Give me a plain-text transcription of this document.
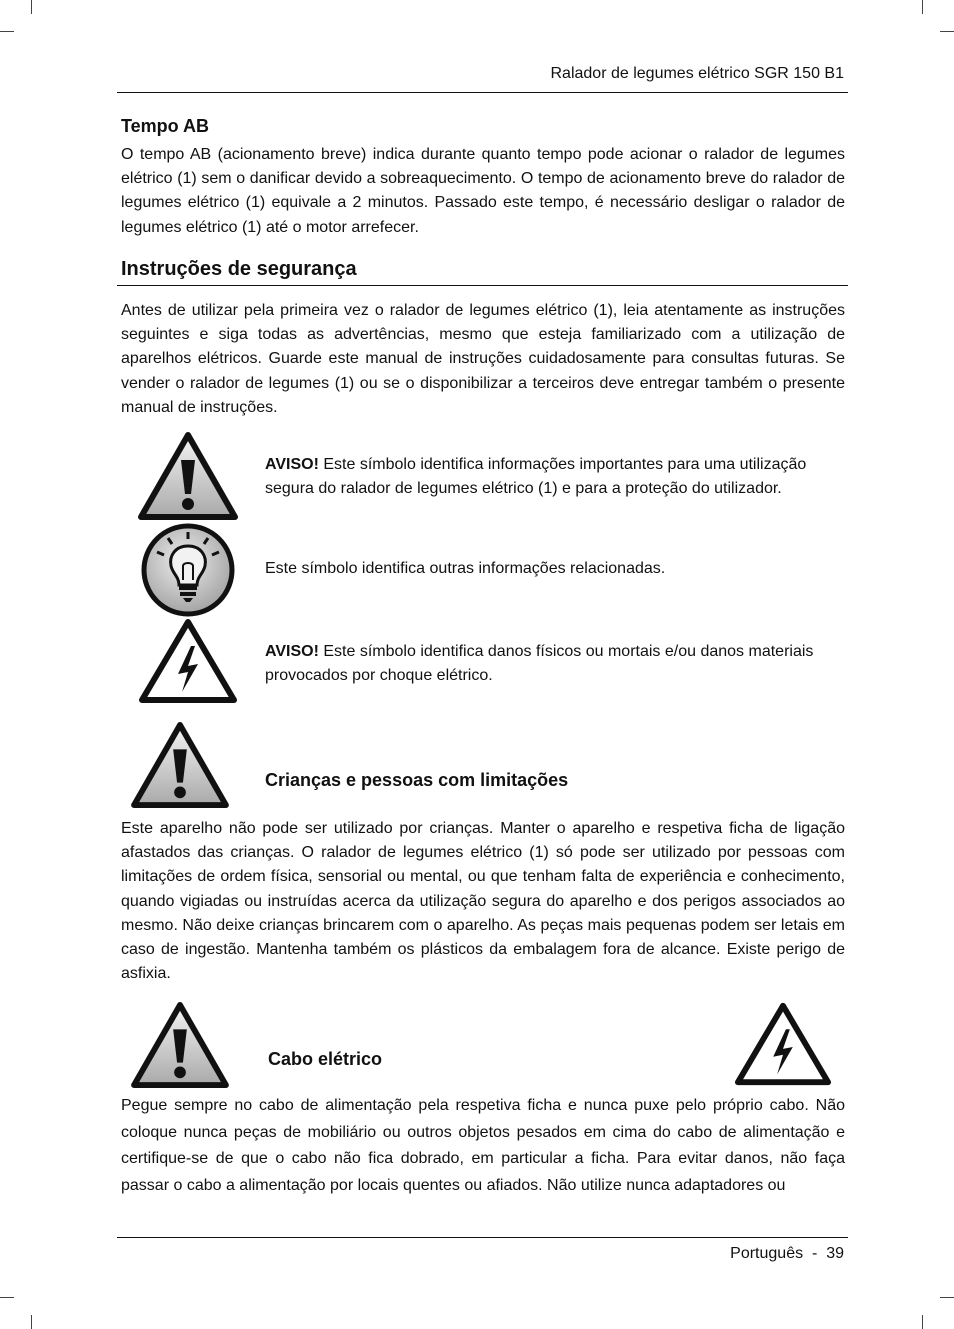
Ralador de legumes elétrico SGR 150 B1
Tempo AB

O tempo AB (acionamento breve) indica durante quanto tempo pode acionar o ralador de legumes elétrico (1) sem o danificar devido a sobreaquecimento. O tempo de acionamento breve do ralador de legumes elétrico (1) equivale a 2 minutos. Passado este tempo, é necessário desligar o ralador de legumes elétrico (1) até o motor arrefecer.

Instruções de segurança

Antes de utilizar pela primeira vez o ralador de legumes elétrico (1), leia atentamente as instruções seguintes e siga todas as advertências, mesmo que esteja familiarizado com a utilização de aparelhos elétricos. Guarde este manual de instruções cuidadosamente para consultas futuras. Se vender o ralador de legumes (1) ou se o disponibilizar a terceiros deve entregar também o presente manual de instruções.

AVISO! Este símbolo identifica informações importantes para uma utilização segura do ralador de legumes elétrico (1) e para a proteção do utilizador.

Este símbolo identifica outras informações relacionadas.

AVISO! Este símbolo identifica danos físicos ou mortais e/ou danos materiais provocados por choque elétrico.

Crianças e pessoas com limitações

Este aparelho não pode ser utilizado por crianças. Manter o aparelho e respetiva ficha de ligação afastados das crianças. O ralador de legumes elétrico (1) só pode ser utilizado por pessoas com limitações de ordem física, sensorial ou mental, ou que tenham falta de experiência e conhecimento, quando vigiadas ou instruídas acerca da utilização segura do aparelho e dos perigos associados ao mesmo. Não deixe crianças brincarem com o aparelho. As peças mais pequenas podem ser letais em caso de ingestão. Mantenha também os plásticos da embalagem fora de alcance. Existe perigo de asfixia.

Cabo elétrico

Pegue sempre no cabo de alimentação pela respetiva ficha e nunca puxe pelo próprio cabo. Não coloque nunca peças de mobiliário ou outros objetos pesados em cima do cabo de alimentação e certifique-se de que o cabo não fica dobrado, em particular a ficha. Para evitar danos, não faça passar o cabo a alimentação por locais quentes ou afiados. Não utilize nunca adaptadores ou

Português  -  39
